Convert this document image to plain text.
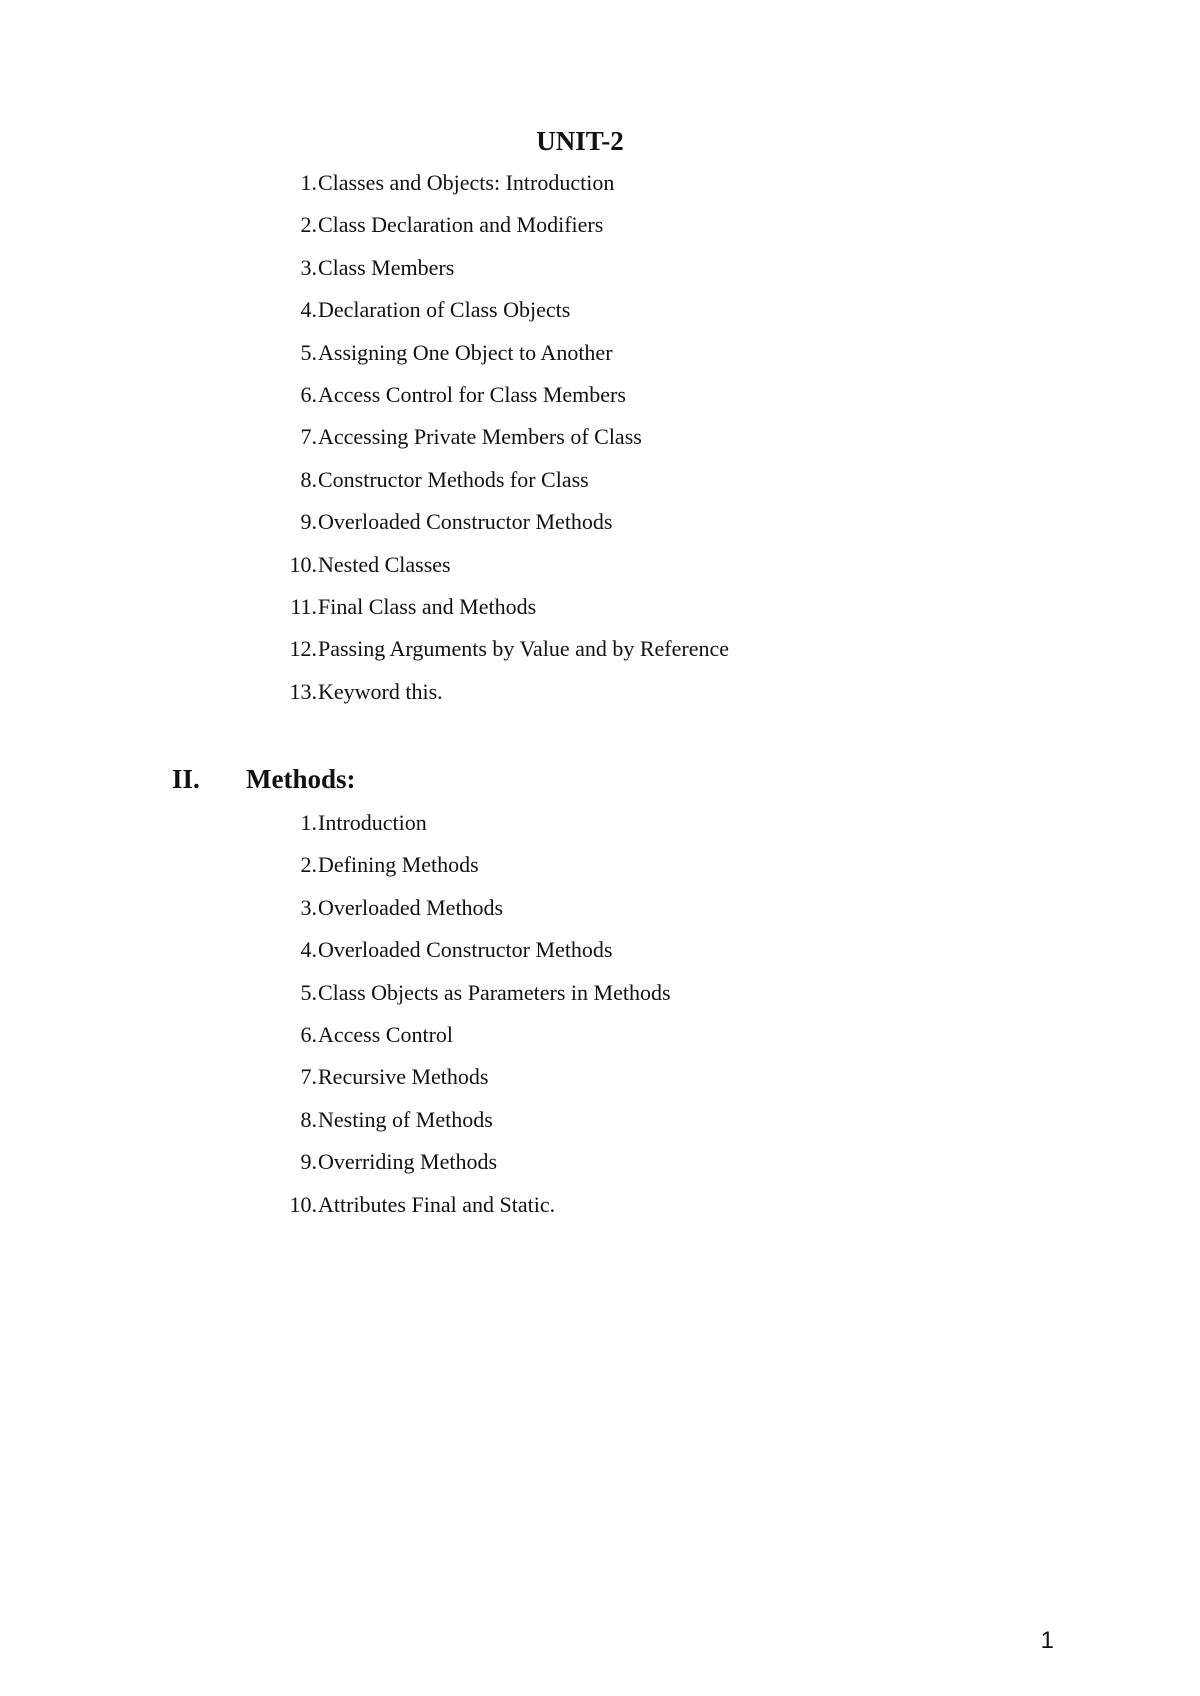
UNIT-2
1. Classes and Objects: Introduction
2. Class Declaration and Modifiers
3. Class Members
4. Declaration of Class Objects
5. Assigning One Object to Another
6. Access Control for Class Members
7. Accessing Private Members of Class
8. Constructor Methods for Class
9. Overloaded Constructor Methods
10. Nested Classes
11. Final Class and Methods
12. Passing Arguments by Value and by Reference
13. Keyword this.
II. Methods:
1. Introduction
2. Defining Methods
3. Overloaded Methods
4. Overloaded Constructor Methods
5. Class Objects as Parameters in Methods
6. Access Control
7. Recursive Methods
8. Nesting of Methods
9. Overriding Methods
10. Attributes Final and Static.
1
